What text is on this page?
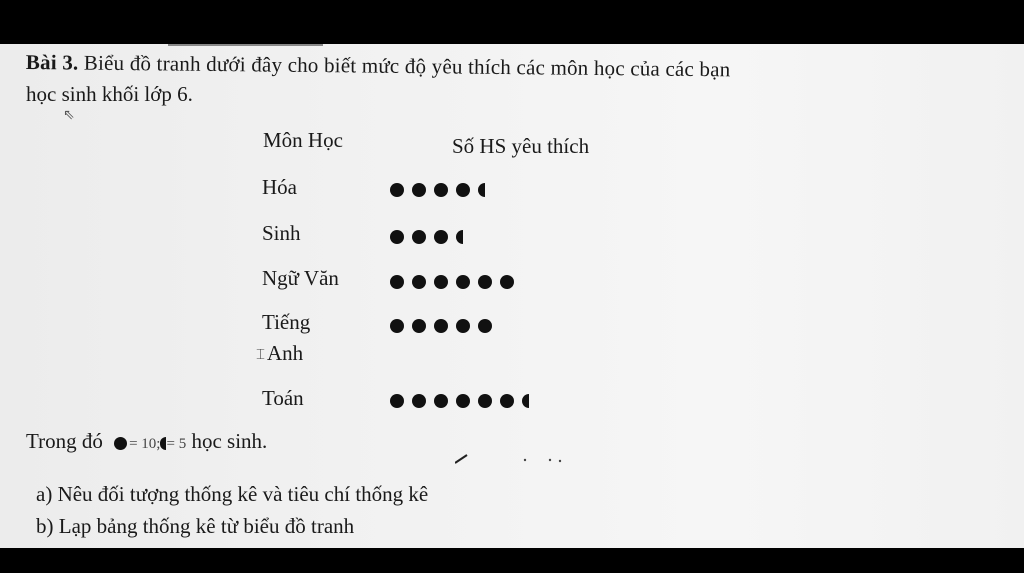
Bài 3. Biểu đồ tranh dưới đây cho biết mức độ yêu thích các môn học của các bạn
học sinh khối lớp 6.
⇖
Môn Học	Số HS yêu thích
Hóa
Sinh
Ngữ Văn
Tiếng
Anh
⌶
Toán
Trong đó = 10; = 5 học sinh.
a) Nêu đối tượng thống kê và tiêu chí thống kê
b) Lạp bảng thống kê từ biểu đồ tranh
